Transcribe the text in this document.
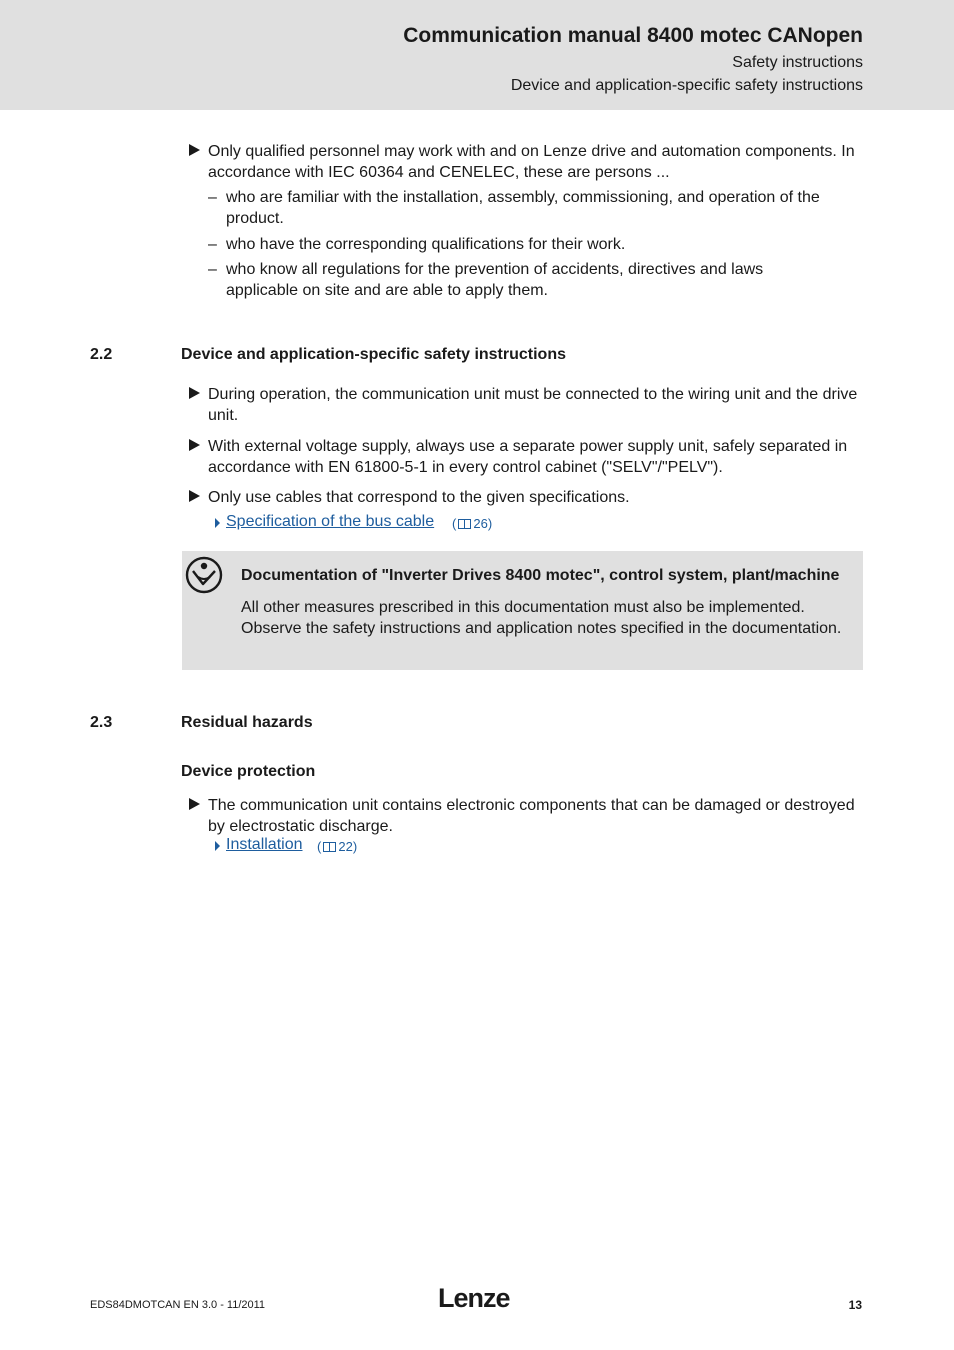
Communication manual 8400 motec CANopen
Safety instructions
Device and application-specific safety instructions
Only qualified personnel may work with and on Lenze drive and automation components. In accordance with IEC 60364 and CENELEC, these are persons ...
– who are familiar with the installation, assembly, commissioning, and operation of the product.
– who have the corresponding qualifications for their work.
– who know all regulations for the prevention of accidents, directives and laws applicable on site and are able to apply them.
2.2	Device and application-specific safety instructions
During operation, the communication unit must be connected to the wiring unit and the drive unit.
With external voltage supply, always use a separate power supply unit, safely separated in accordance with EN 61800-5-1 in every control cabinet ("SELV"/"PELV").
Only use cables that correspond to the given specifications.
Specification of the bus cable ( 26)
Documentation of "Inverter Drives 8400 motec", control system, plant/machine
All other measures prescribed in this documentation must also be implemented. Observe the safety instructions and application notes specified in the documentation.
2.3	Residual hazards
Device protection
The communication unit contains electronic components that can be damaged or destroyed by electrostatic discharge.
Installation ( 22)
EDS84DMOTCAN EN 3.0 - 11/2011	Lenze	13
